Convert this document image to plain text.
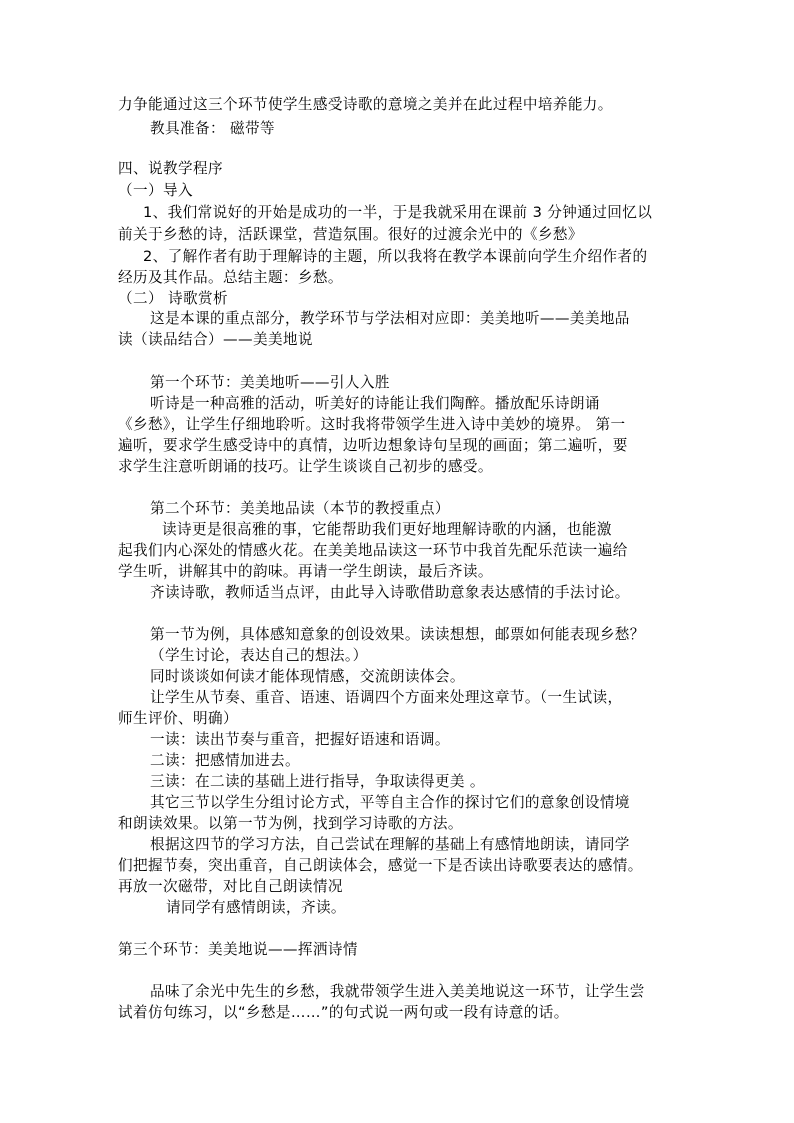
力争能通过这三个环节使学生感受诗歌的意境之美并在此过程中培养能力。
教具准备： 磁带等
四、说教学程序
（一）导入
1、我们常说好的开始是成功的一半，于是我就采用在课前 3 分钟通过回忆以
前关于乡愁的诗，活跃课堂，营造氛围。很好的过渡余光中的《乡愁》
2、了解作者有助于理解诗的主题，所以我将在教学本课前向学生介绍作者的
经历及其作品。总结主题：乡愁。
（二） 诗歌赏析
这是本课的重点部分，教学环节与学法相对应即：美美地听——美美地品
读（读品结合）——美美地说
第一个环节：美美地听——引人入胜
听诗是一种高雅的活动，听美好的诗能让我们陶醉。播放配乐诗朗诵
《乡愁》，让学生仔细地聆听。这时我将带领学生进入诗中美妙的境界。 第一
遍听，要求学生感受诗中的真情，边听边想象诗句呈现的画面；第二遍听，要
求学生注意听朗诵的技巧。让学生谈谈自己初步的感受。
第二个环节：美美地品读（本节的教授重点）
读诗更是很高雅的事，它能帮助我们更好地理解诗歌的内涵，也能激
起我们内心深处的情感火花。在美美地品读这一环节中我首先配乐范读一遍给
学生听，讲解其中的韵味。再请一学生朗读，最后齐读。
齐读诗歌，教师适当点评，由此导入诗歌借助意象表达感情的手法讨论。
第一节为例，具体感知意象的创设效果。读读想想，邮票如何能表现乡愁？
（学生讨论，表达自己的想法。）
同时谈谈如何读才能体现情感，交流朗读体会。
让学生从节奏、重音、语速、语调四个方面来处理这章节。（一生试读，
师生评价、明确）
一读：读出节奏与重音，把握好语速和语调。
二读：把感情加进去。
三读：在二读的基础上进行指导，争取读得更美 。
其它三节以学生分组讨论方式，平等自主合作的探讨它们的意象创设情境
和朗读效果。以第一节为例，找到学习诗歌的方法。
根据这四节的学习方法，自己尝试在理解的基础上有感情地朗读，请同学
们把握节奏，突出重音，自己朗读体会，感觉一下是否读出诗歌要表达的感情。
再放一次磁带，对比自己朗读情况
请同学有感情朗读，齐读。
第三个环节：美美地说——挥洒诗情
品味了余光中先生的乡愁，我就带领学生进入美美地说这一环节，让学生尝
试着仿句练习，以“乡愁是……”的句式说一两句或一段有诗意的话。
